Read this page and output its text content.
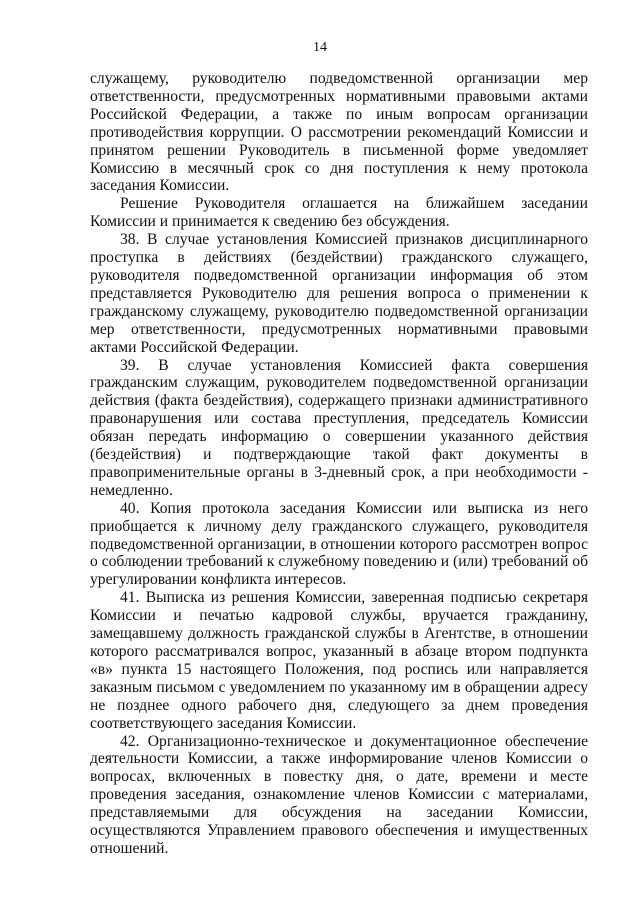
14

служащему, руководителю подведомственной организации мер ответственности, предусмотренных нормативными правовыми актами Российской Федерации, а также по иным вопросам организации противодействия коррупции. О рассмотрении рекомендаций Комиссии и принятом решении Руководитель в письменной форме уведомляет Комиссию в месячный срок со дня поступления к нему протокола заседания Комиссии.

Решение Руководителя оглашается на ближайшем заседании Комиссии и принимается к сведению без обсуждения.

38. В случае установления Комиссией признаков дисциплинарного проступка в действиях (бездействии) гражданского служащего, руководителя подведомственной организации информация об этом представляется Руководителю для решения вопроса о применении к гражданскому служащему, руководителю подведомственной организации мер ответственности, предусмотренных нормативными правовыми актами Российской Федерации.

39. В случае установления Комиссией факта совершения гражданским служащим, руководителем подведомственной организации действия (факта бездействия), содержащего признаки административного правонарушения или состава преступления, председатель Комиссии обязан передать информацию о совершении указанного действия (бездействия) и подтверждающие такой факт документы в правоприменительные органы в 3-дневный срок, а при необходимости - немедленно.

40. Копия протокола заседания Комиссии или выписка из него приобщается к личному делу гражданского служащего, руководителя подведомственной организации, в отношении которого рассмотрен вопрос о соблюдении требований к служебному поведению и (или) требований об урегулировании конфликта интересов.

41. Выписка из решения Комиссии, заверенная подписью секретаря Комиссии и печатью кадровой службы, вручается гражданину, замещавшему должность гражданской службы в Агентстве, в отношении которого рассматривался вопрос, указанный в абзаце втором подпункта «в» пункта 15 настоящего Положения, под роспись или направляется заказным письмом с уведомлением по указанному им в обращении адресу не позднее одного рабочего дня, следующего за днем проведения соответствующего заседания Комиссии.

42. Организационно-техническое и документационное обеспечение деятельности Комиссии, а также информирование членов Комиссии о вопросах, включенных в повестку дня, о дате, времени и месте проведения заседания, ознакомление членов Комиссии с материалами, представляемыми для обсуждения на заседании Комиссии, осуществляются Управлением правового обеспечения и имущественных отношений.
